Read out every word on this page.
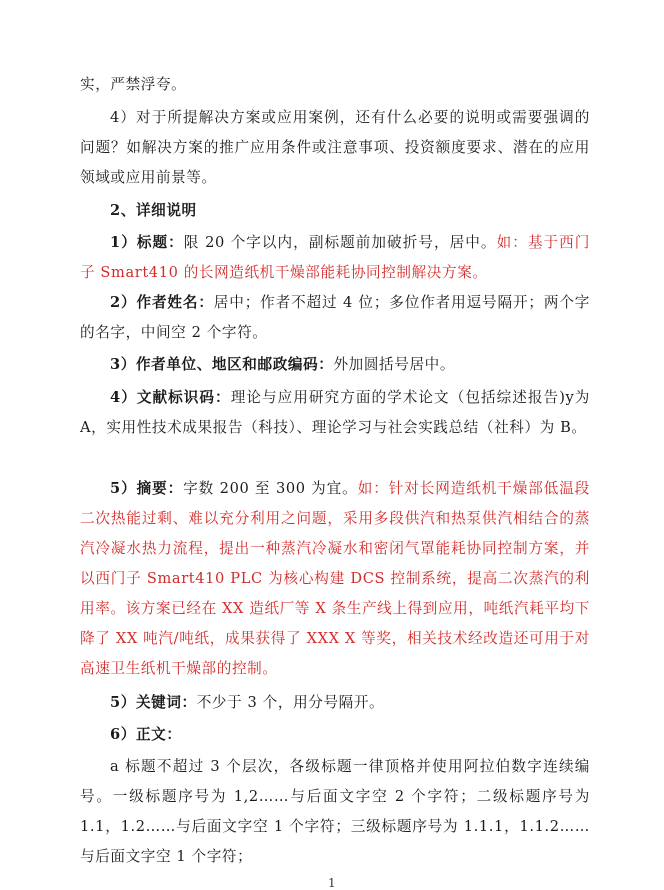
实，严禁浮夸。

4）对于所提解决方案或应用案例，还有什么必要的说明或需要强调的问题？如解决方案的推广应用条件或注意事项、投资额度要求、潜在的应用领域或应用前景等。

2、详细说明

1）标题：限 20 个字以内，副标题前加破折号，居中。如：基于西门子 Smart410 的长网造纸机干燥部能耗协同控制解决方案。

2）作者姓名：居中；作者不超过 4 位；多位作者用逗号隔开；两个字的名字，中间空 2 个字符。

3）作者单位、地区和邮政编码：外加圆括号居中。

4）文献标识码：理论与应用研究方面的学术论文（包括综述报告)y为 A，实用性技术成果报告（科技）、理论学习与社会实践总结（社科）为 B。

5）摘要：字数 200 至 300 为宜。如：针对长网造纸机干燥部低温段二次热能过剩、难以充分利用之问题，采用多段供汽和热泵供汽相结合的蒸汽冷凝水热力流程，提出一种蒸汽冷凝水和密闭气罩能耗协同控制方案，并以西门子 Smart410 PLC 为核心构建 DCS 控制系统，提高二次蒸汽的利用率。该方案已经在 XX 造纸厂等 X 条生产线上得到应用，吨纸汽耗平均下降了 XX 吨汽/吨纸，成果获得了 XXX X 等奖，相关技术经改造还可用于对高速卫生纸机干燥部的控制。

5）关键词：不少于 3 个，用分号隔开。

6）正文：

a 标题不超过 3 个层次，各级标题一律顶格并使用阿拉伯数字连续编号。一级标题序号为 1,2……与后面文字空 2 个字符；二级标题序号为 1.1，1.2……与后面文字空 1 个字符；三级标题序号为 1.1.1，1.1.2……与后面文字空 1 个字符；

1
